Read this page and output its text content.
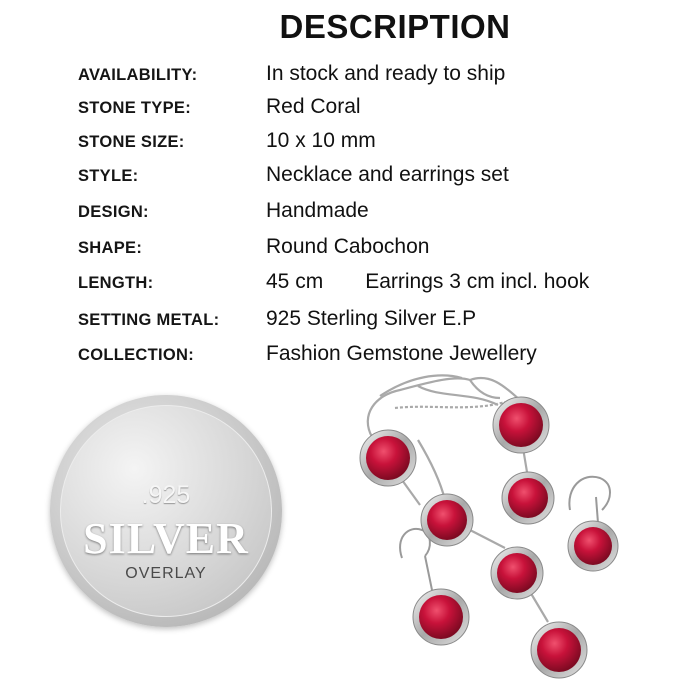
DESCRIPTION
AVAILABILITY:	In stock and ready to ship
STONE TYPE:	Red Coral
STONE SIZE:	10 x 10 mm
STYLE:	Necklace and earrings set
DESIGN:	Handmade
SHAPE:	Round Cabochon
LENGTH:	45 cm Earrings 3 cm incl. hook
SETTING METAL: 925 Sterling Silver E.P
COLLECTION:	Fashion Gemstone Jewellery
.925
SILVER
OVERLAY
